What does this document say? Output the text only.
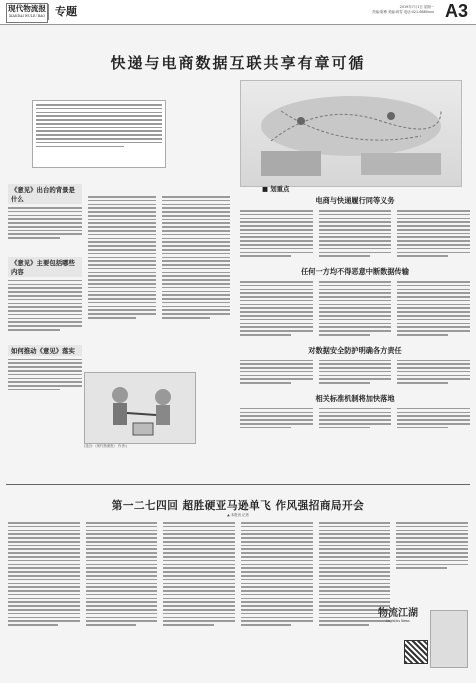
现代物流报
XIANDAI WULIU BAO 专题	2019年7月1日 星期一
责编:陈博 美编:蒋雪 电话:021-6880xxx A3
快递与电商数据互联共享有章可循
■ 划重点
《意见》出台的背景是什么
《意见》主要包括哪些内容
如何推动《意见》落实
(选自:《现代物流报》 作者:)
电商与快递履行同等义务
任何一方均不得恶意中断数据传输
对数据安全防护明确各方责任
相关标准机制将加快落地
第一二七四回 超胜硬亚马逊单飞 作风强招商局开会
▲ 本报讯 记者
物流江湖
Logistics News
